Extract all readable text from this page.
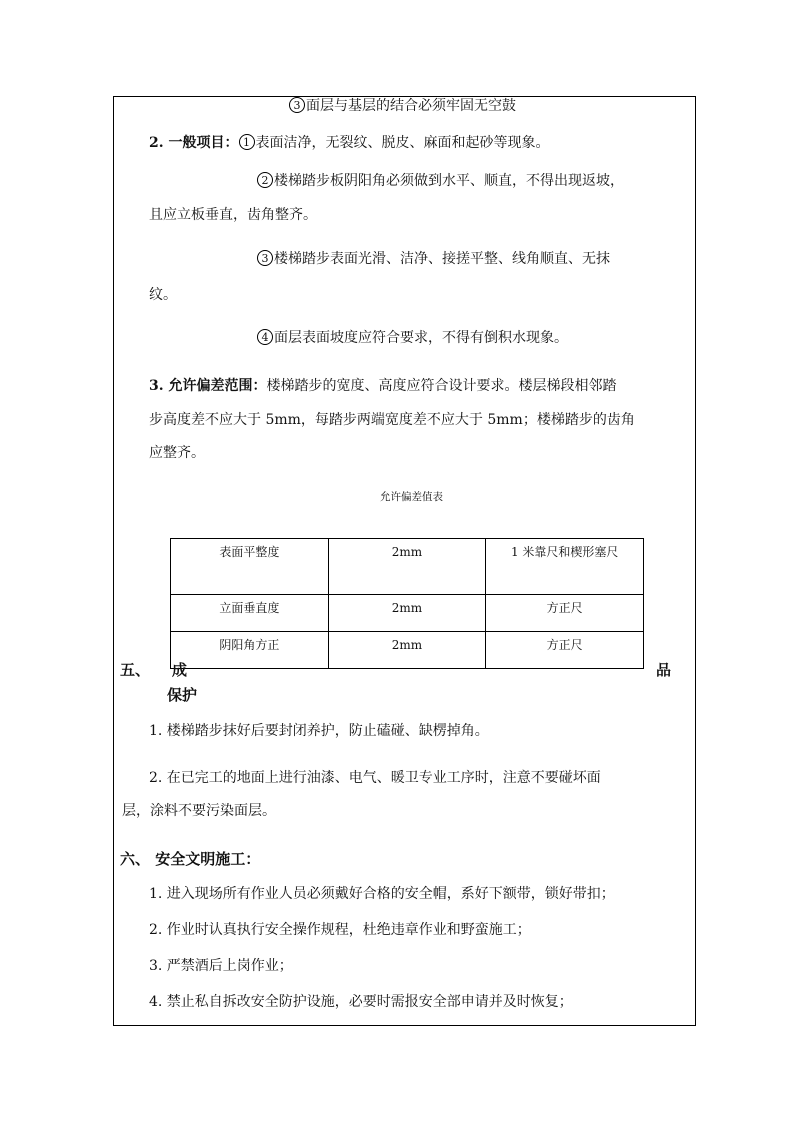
3 面层与基层的结合必须牢固无空鼓
2. 一般项目： 1 表面洁净，无裂纹、脱皮、麻面和起砂等现象。
2 楼梯踏步板阴阳角必须做到水平、顺直，不得出现返坡，
且应立板垂直，齿角整齐。
3 楼梯踏步表面光滑、洁净、接搓平整、线角顺直、无抹
纹。
4 面层表面坡度应符合要求，不得有倒积水现象。
3. 允许偏差范围：楼梯踏步的宽度、高度应符合设计要求。楼层梯段相邻踏
步高度差不应大于 5mm，每踏步两端宽度差不应大于 5mm；楼梯踏步的齿角
应整齐。
允许偏差值表
表面平整度	2mm	1 米靠尺和楔形塞尺
立面垂直度	2mm	方正尺
阴阳角方正	2mm	方正尺
五、 成	品
保护
1. 楼梯踏步抹好后要封闭养护，防止磕碰、缺楞掉角。
2. 在已完工的地面上进行油漆、电气、暖卫专业工序时，注意不要碰坏面
层，涂料不要污染面层。
六、 安全文明施工：
1. 进入现场所有作业人员必须戴好合格的安全帽，系好下额带，锁好带扣；
2. 作业时认真执行安全操作规程，杜绝违章作业和野蛮施工；
3. 严禁酒后上岗作业；
4. 禁止私自拆改安全防护设施，必要时需报安全部申请并及时恢复；
